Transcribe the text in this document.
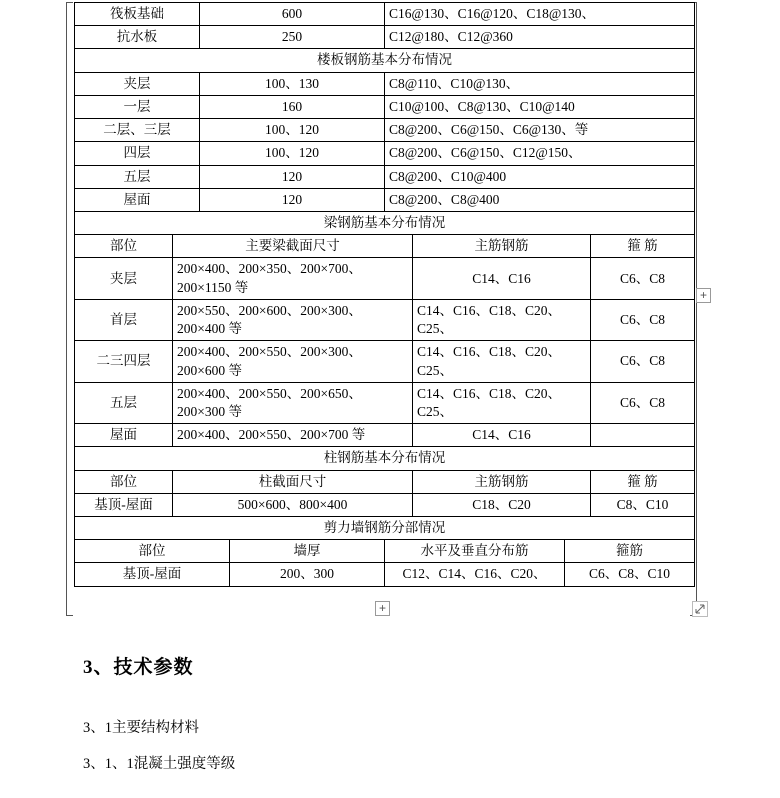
筏板基础	600	C16@130、C16@120、C18@130、
抗水板	250	C12@180、C12@360
楼板钢筋基本分布情况		
夹层	100、130	C8@110、C10@130、
一层	160	C10@100、C8@130、C10@140
二层、三层	100、120	C8@200、C6@150、C6@130、等
四层	100、120	C8@200、C6@150、C12@150、
五层	120	C8@200、C10@400
屋面	120	C8@200、C8@400
梁钢筋基本分布情况		
部位	主要梁截面尺寸	主筋钢筋	箍 筋
夹层	200×400、200×350、200×700、200×1150 等	C14、C16	C6、C8
首层	200×550、200×600、200×300、200×400 等	C14、C16、C18、C20、C25、	C6、C8
二三四层	200×400、200×550、200×300、200×600 等	C14、C16、C18、C20、C25、	C6、C8
五层	200×400、200×550、200×650、200×300 等	C14、C16、C18、C20、C25、	C6、C8
屋面	200×400、200×550、200×700 等	C14、C16	
柱钢筋基本分布情况			
部位	柱截面尺寸	主筋钢筋	箍 筋
基顶-屋面	500×600、800×400	C18、C20	C8、C10
剪力墙钢筋分部情况			
部位	墙厚	水平及垂直分布筋	箍筋
基顶-屋面	200、300	C12、C14、C16、C20、	C6、C8、C10
+
+
3、技术参数
3、1主要结构材料
3、1、1混凝土强度等级
